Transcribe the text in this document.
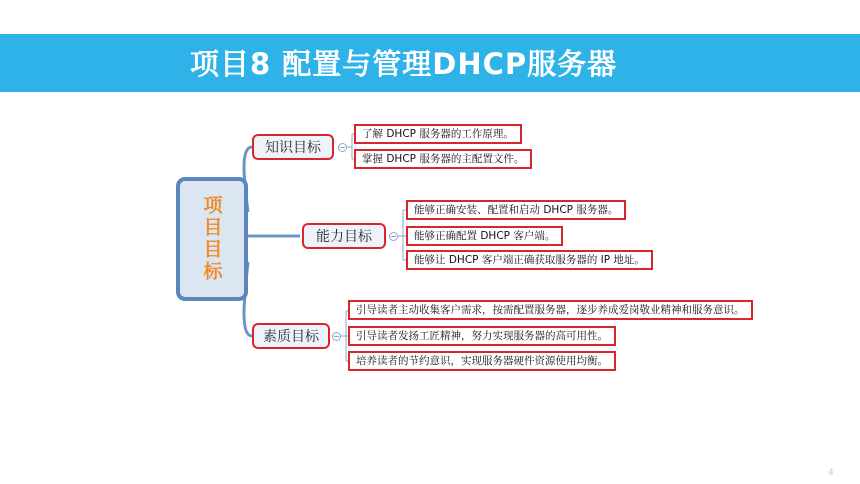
项目8 配置与管理DHCP服务器
项目目标
知识目标
了解 DHCP 服务器的工作原理。
掌握 DHCP 服务器的主配置文件。
能力目标
能够正确安装、配置和启动 DHCP 服务器。
能够正确配置 DHCP 客户端。
能够让 DHCP 客户端正确获取服务器的 IP 地址。
素质目标
引导读者主动收集客户需求，按需配置服务器，逐步养成爱岗敬业精神和服务意识。
引导读者发扬工匠精神，努力实现服务器的高可用性。
培养读者的节约意识，实现服务器硬件资源使用均衡。
4
